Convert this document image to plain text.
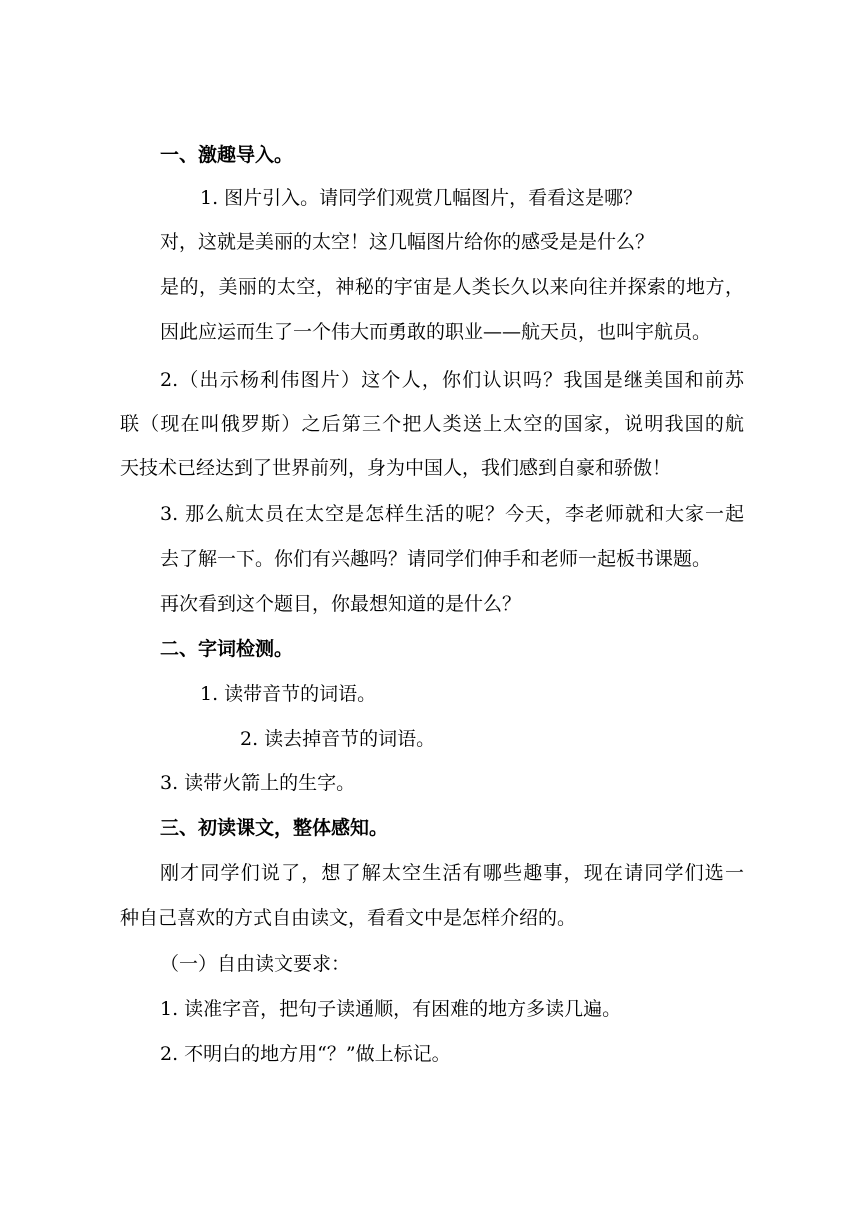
一、激趣导入。
1. 图片引入。请同学们观赏几幅图片，看看这是哪？
对，这就是美丽的太空！这几幅图片给你的感受是是什么？
是的，美丽的太空，神秘的宇宙是人类长久以来向往并探索的地方，
因此应运而生了一个伟大而勇敢的职业——航天员，也叫宇航员。
2.（出示杨利伟图片）这个人，你们认识吗？我国是继美国和前苏
联（现在叫俄罗斯）之后第三个把人类送上太空的国家，说明我国的航
天技术已经达到了世界前列，身为中国人，我们感到自豪和骄傲！
3. 那么航太员在太空是怎样生活的呢？今天，李老师就和大家一起
去了解一下。你们有兴趣吗？请同学们伸手和老师一起板书课题。
再次看到这个题目，你最想知道的是什么？
二、字词检测。
1. 读带音节的词语。
2. 读去掉音节的词语。
3. 读带火箭上的生字。
三、初读课文，整体感知。
刚才同学们说了，想了解太空生活有哪些趣事，现在请同学们选一
种自己喜欢的方式自由读文，看看文中是怎样介绍的。
（一）自由读文要求：
1. 读准字音，把句子读通顺，有困难的地方多读几遍。
2. 不明白的地方用“？”做上标记。
